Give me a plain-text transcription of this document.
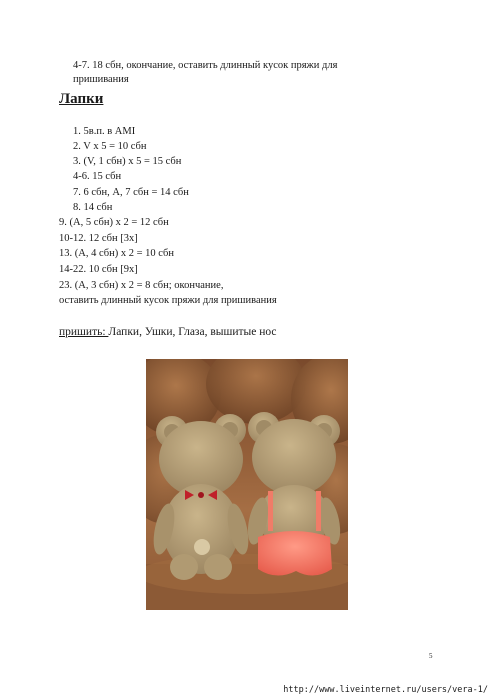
4-7. 18 сбн, окончание, оставить длинный кусок пряжи для
пришивания
Лапки
1. 5в.п. в AMI
2. V x 5 = 10 сбн
3. (V, 1 сбн) x 5 = 15 сбн
4-6. 15 сбн
7. 6 сбн, А, 7 сбн = 14 сбн
8. 14 сбн
9. (А, 5 сбн) x 2 = 12 сбн
10-12. 12 сбн [3x]
13. (A, 4 сбн) x 2 = 10 сбн
14-22. 10 сбн [9x]
23. (А, 3 сбн) x 2 = 8 сбн; окончание,
оставить длинный кусок пряжи для пришивания
пришить: Лапки, Ушки, Глаза, вышитые нос
5
http://www.liveinternet.ru/users/vera-1/
